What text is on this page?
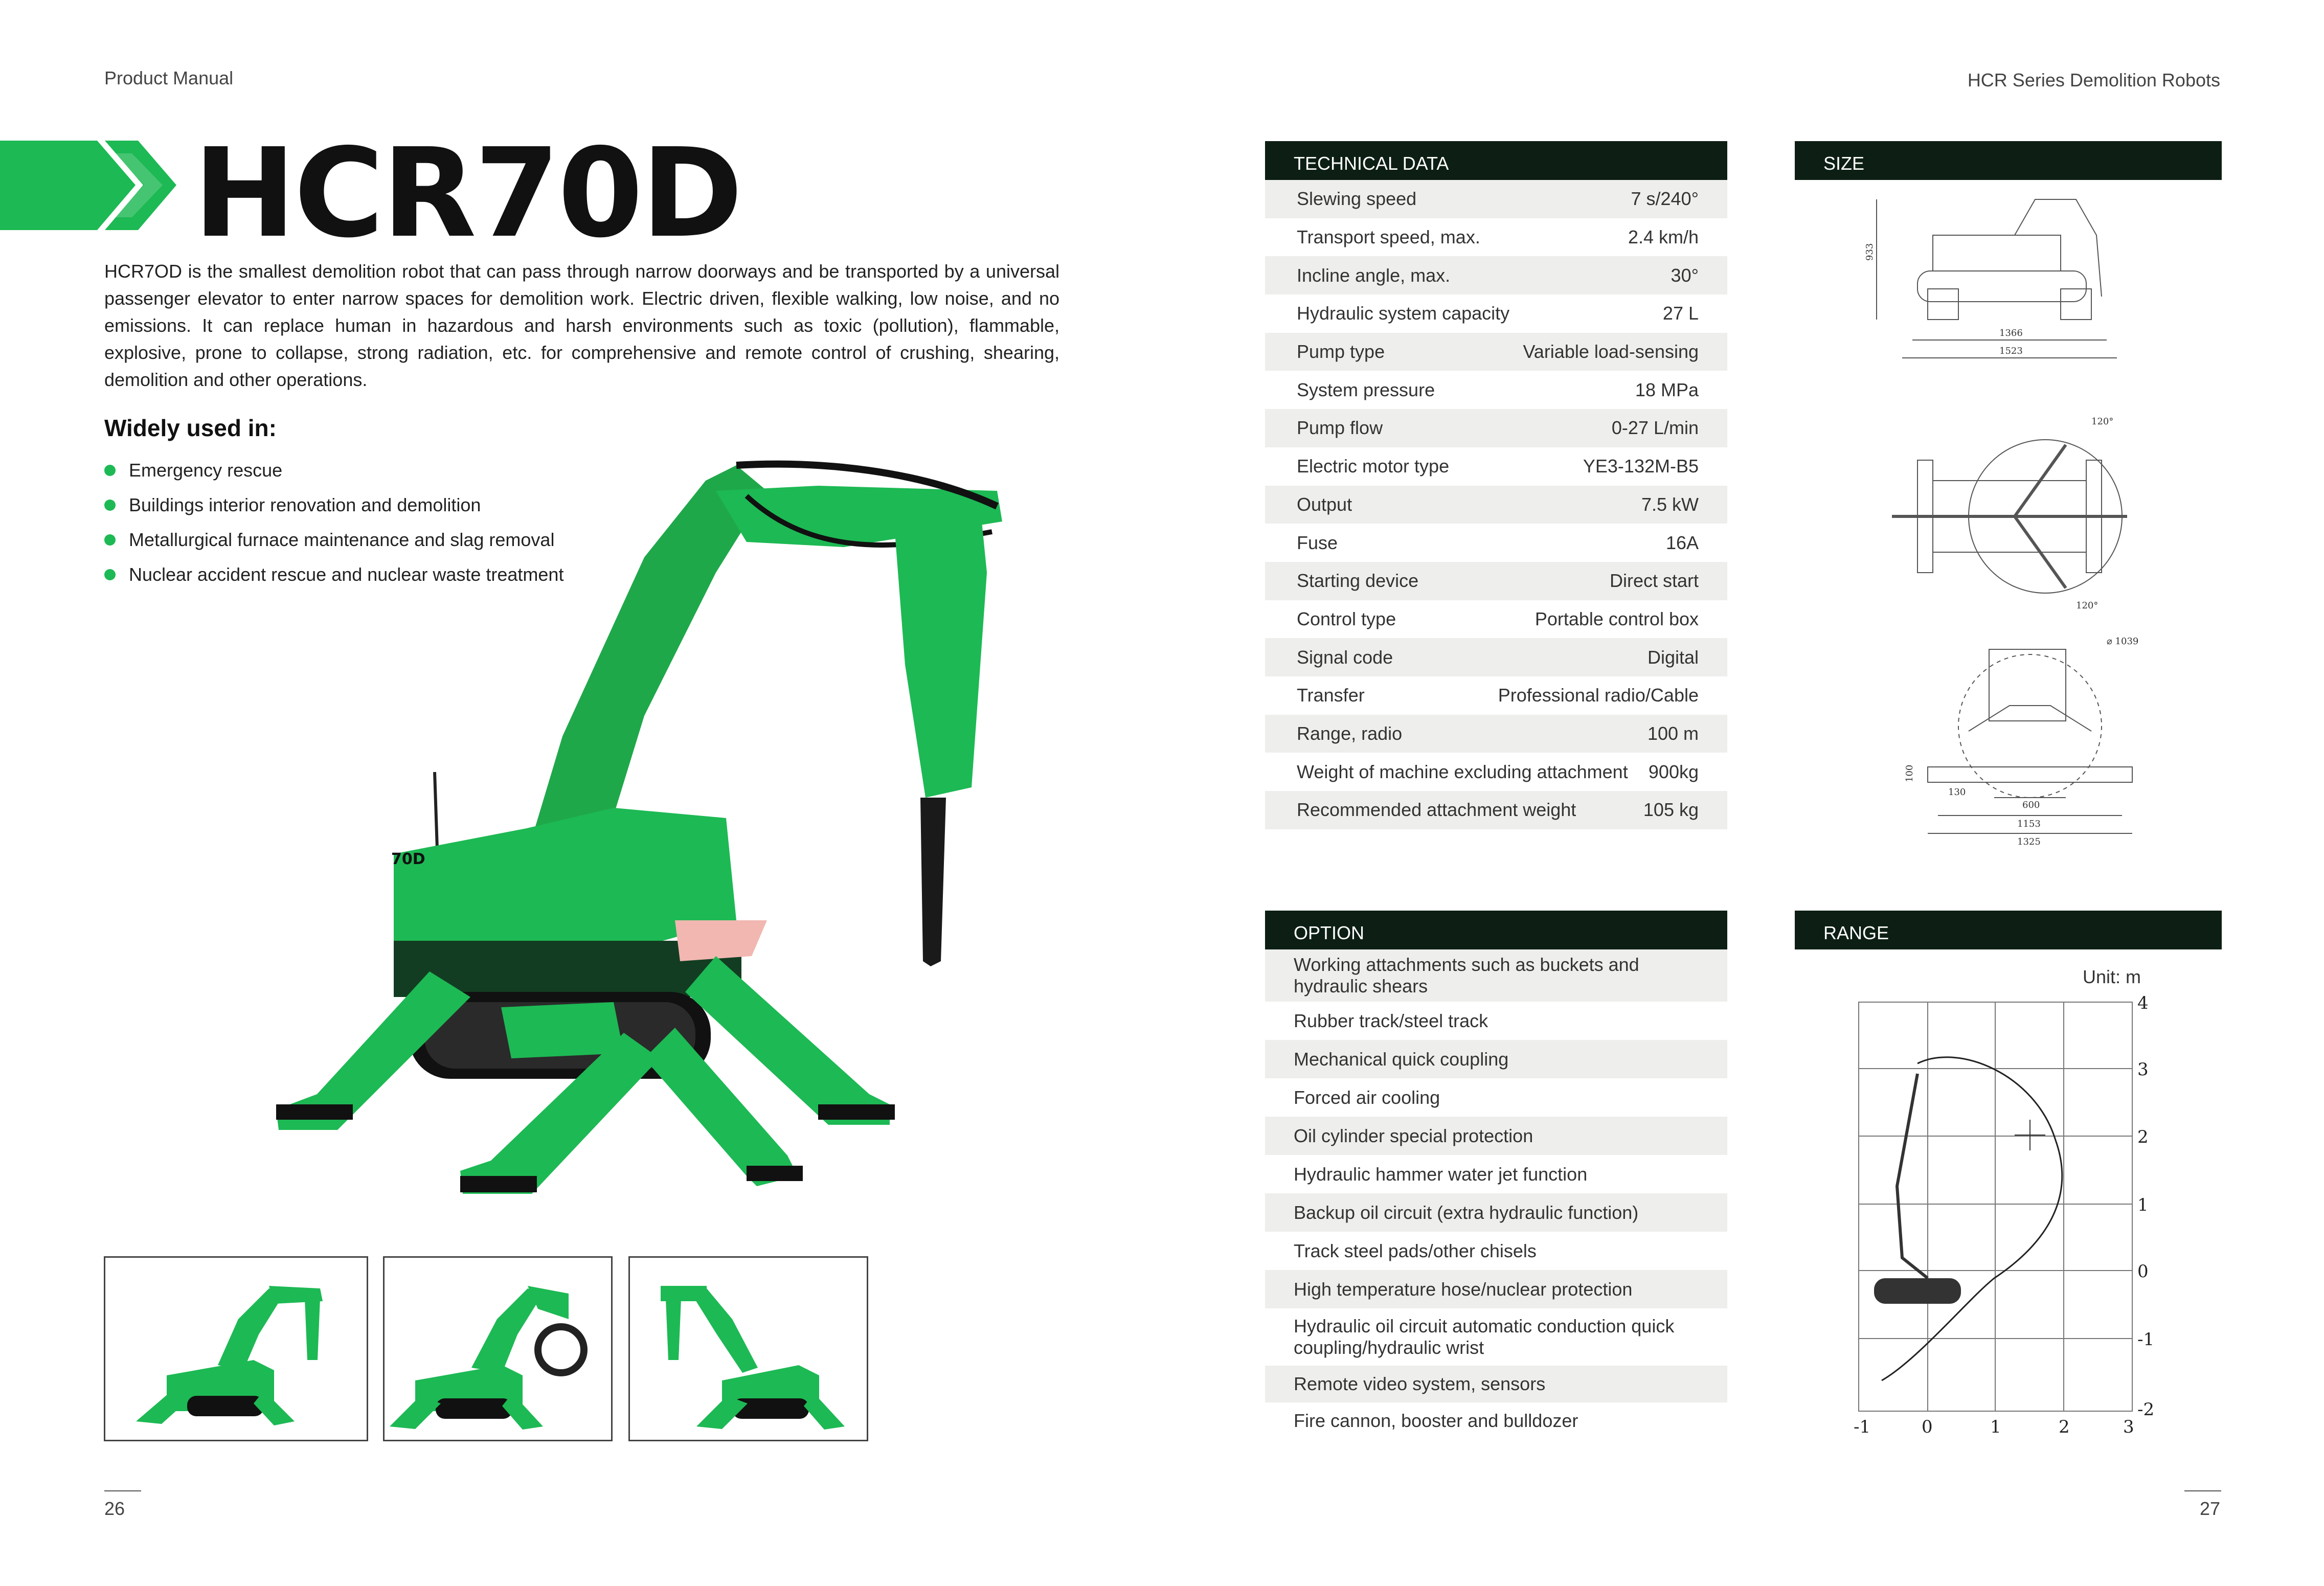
Product Manual	HCR Series Demolition Robots
HCR70D
HCR7OD is the smallest demolition robot that can pass through narrow doorways and be transported by a universal passenger elevator to enter narrow spaces for demolition work. Electric driven, flexible walking, low noise, and no emissions. It can replace human in hazardous and harsh environments such as toxic (pollution), flammable, explosive, prone to collapse, strong radiation, etc. for comprehensive and remote control of crushing, shearing, demolition and other operations.
Widely used in:
Emergency rescue
Buildings interior renovation and demolition
Metallurgical furnace maintenance and slag removal
Nuclear accident rescue and nuclear waste treatment
70D
26
TECHNICAL DATA
Slewing speed	7 s/240°
Transport speed, max.	2.4 km/h
Incline angle, max.	30°
Hydraulic system capacity	27 L
Pump type	Variable load-sensing
System pressure	18 MPa
Pump flow	0-27 L/min
Electric motor type	YE3-132M-B5
Output	7.5 kW
Fuse	16A
Starting device	Direct start
Control type	Portable control box
Signal code	Digital
Transfer	Professional radio/Cable
Range, radio	100 m
Weight of machine excluding attachment 900kg
Recommended attachment weight	105 kg
SIZE
933
1523
1366
120°
120°
⌀ 1039
100
130
600
1153
1325
OPTION
Working attachments such as buckets and hydraulic shears
Rubber track/steel track
Mechanical quick coupling
Forced air cooling
Oil cylinder special protection
Hydraulic hammer water jet function
Backup oil circuit (extra hydraulic function)
Track steel pads/other chisels
High temperature hose/nuclear protection
Hydraulic oil circuit automatic conduction quick coupling/hydraulic wrist
Remote video system, sensors
Fire cannon, booster and bulldozer
RANGE
Unit: m
-1	0	1	2	3
4
3
2
1
0
-1
-2
27
